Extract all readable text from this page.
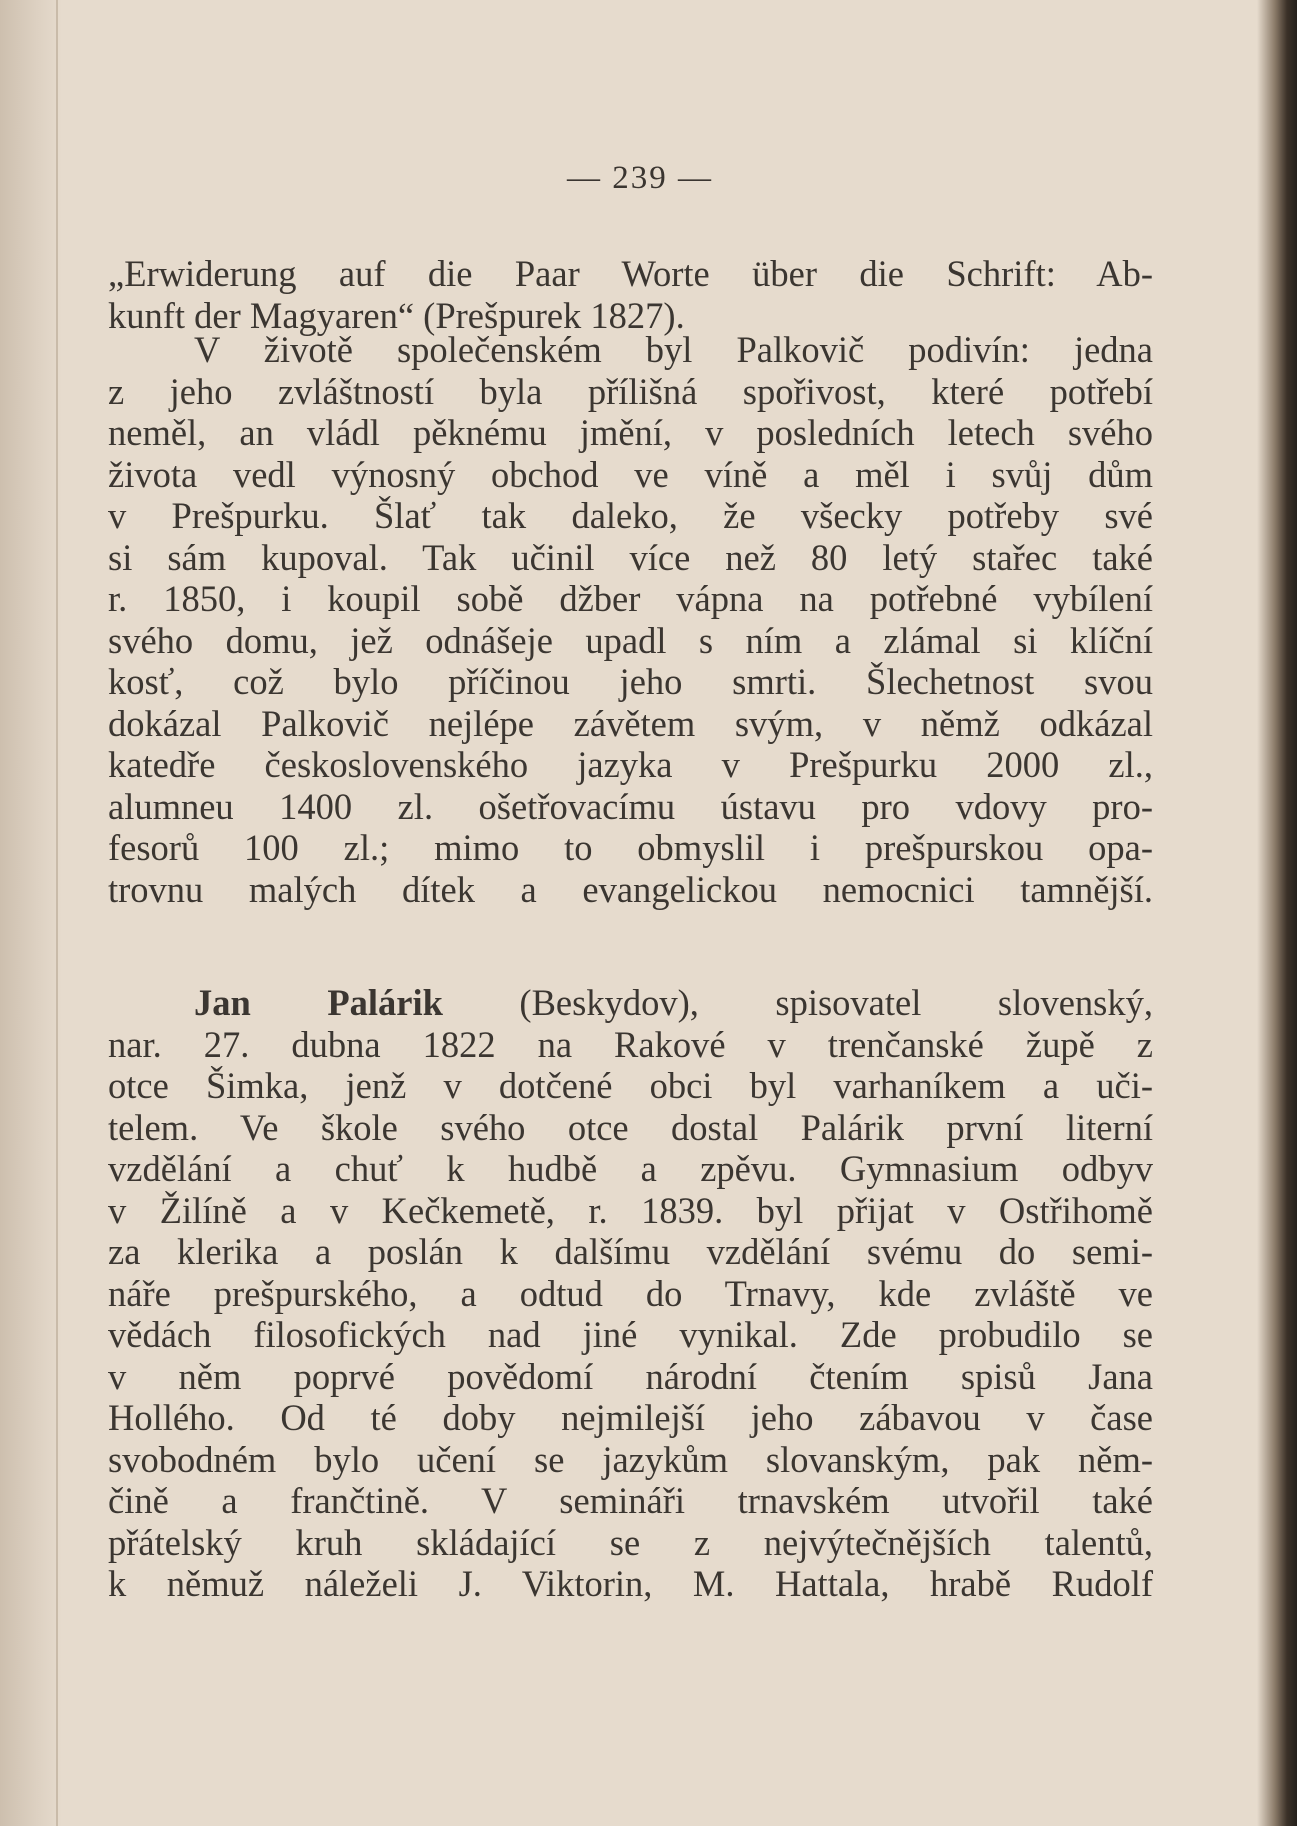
— 239 —
„Erwiderung auf die Paar Worte über die Schrift: Ab-
kunft der Magyaren“ (Prešpurek 1827).
V životě společenském byl Palkovič podivín: jedna
z jeho zvláštností byla přílišná spořivost, které potřebí
neměl, an vládl pěknému jmění, v posledních letech svého
života vedl výnosný obchod ve víně a měl i svůj dům
v Prešpurku. Šlať tak daleko, že všecky potřeby své
si sám kupoval. Tak učinil více než 80 letý stařec také
r. 1850, i koupil sobě džber vápna na potřebné vybílení
svého domu, jež odnášeje upadl s ním a zlámal si klíční
kosť, což bylo příčinou jeho smrti. Šlechetnost svou
dokázal Palkovič nejlépe závětem svým, v němž odkázal
katedře československého jazyka v Prešpurku 2000 zl.,
alumneu 1400 zl. ošetřovacímu ústavu pro vdovy pro-
fesorů 100 zl.; mimo to obmyslil i prešpurskou opa-
trovnu malých dítek a evangelickou nemocnici tamnější.
Jan Palárik (Beskydov), spisovatel slovenský,
nar. 27. dubna 1822 na Rakové v trenčanské župě z
otce Šimka, jenž v dotčené obci byl varhaníkem a uči-
telem. Ve škole svého otce dostal Palárik první literní
vzdělání a chuť k hudbě a zpěvu. Gymnasium odbyv
v Žilíně a v Kečkemetě, r. 1839. byl přijat v Ostřihomě
za klerika a poslán k dalšímu vzdělání svému do semi-
náře prešpurského, a odtud do Trnavy, kde zvláště ve
vědách filosofických nad jiné vynikal. Zde probudilo se
v něm poprvé povědomí národní čtením spisů Jana
Hollého. Od té doby nejmilejší jeho zábavou v čase
svobodném bylo učení se jazykům slovanským, pak něm-
čině a frančtině. V semináři trnavském utvořil také
přátelský kruh skládající se z nejvýtečnějších talentů,
k němuž náleželi J. Viktorin, M. Hattala, hrabě Rudolf
